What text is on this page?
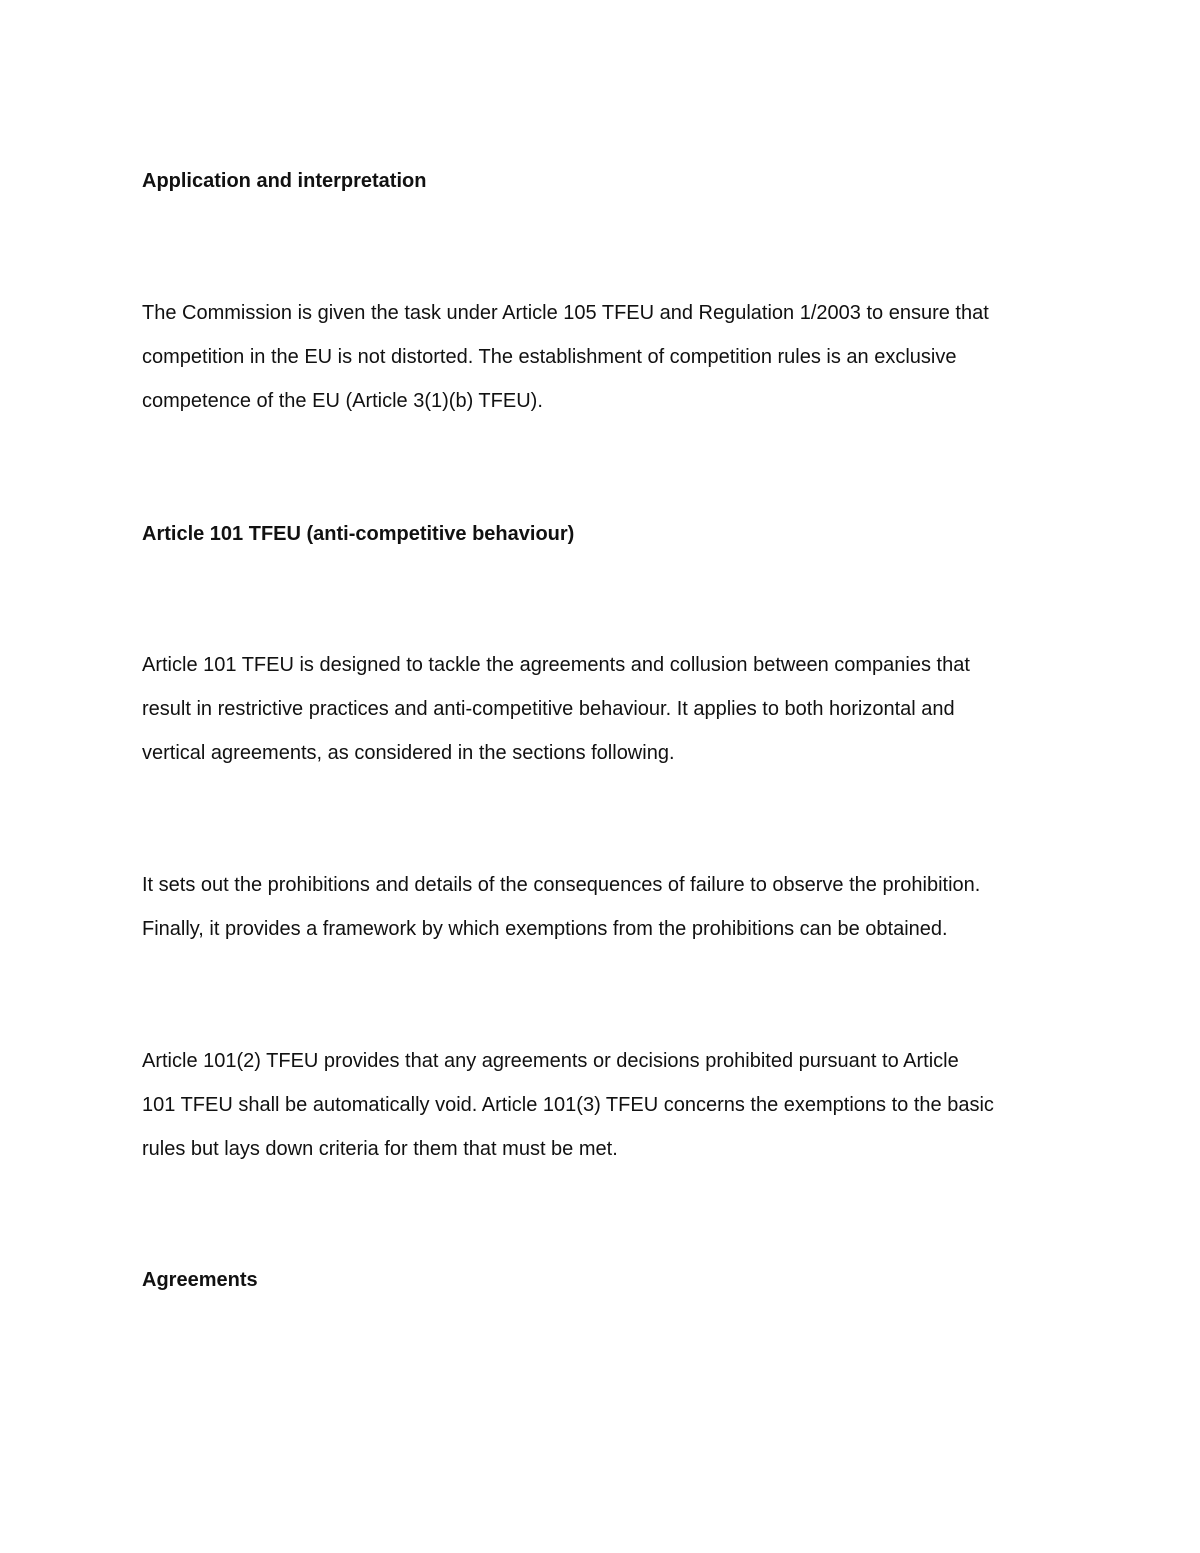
Application and interpretation
The Commission is given the task under Article 105 TFEU and Regulation 1/2003 to ensure that
competition in the EU is not distorted. The establishment of competition rules is an exclusive
competence of the EU (Article 3(1)(b) TFEU).
Article 101 TFEU (anti-competitive behaviour)
Article 101 TFEU is designed to tackle the agreements and collusion between companies that
result in restrictive practices and anti-competitive behaviour. It applies to both horizontal and
vertical agreements, as considered in the sections following.
It sets out the prohibitions and details of the consequences of failure to observe the prohibition.
Finally, it provides a framework by which exemptions from the prohibitions can be obtained.
Article 101(2) TFEU provides that any agreements or decisions prohibited pursuant to Article
101 TFEU shall be automatically void. Article 101(3) TFEU concerns the exemptions to the basic
rules but lays down criteria for them that must be met.
Agreements
